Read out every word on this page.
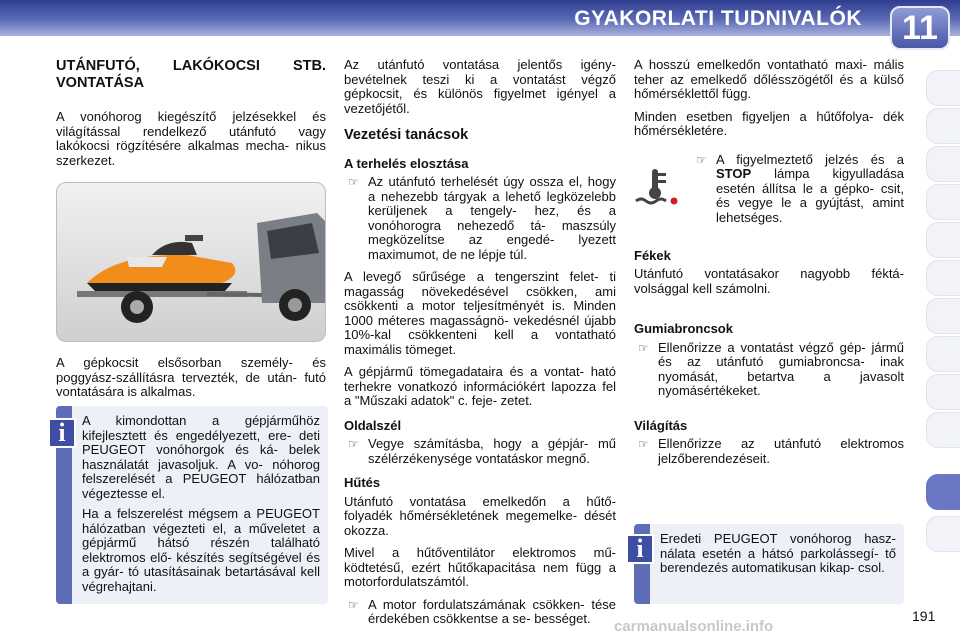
GYAKORLATI TUDNIVALÓK	11
UTÁNFUTÓ, LAKÓKOCSI STB. VONTATÁSA

A vonóhorog kiegészítő jelzésekkel és világítással rendelkező utánfutó vagy lakókocsi rögzítésére alkalmas mecha- nikus szerkezet.

A gépkocsit elsősorban személy- és poggyász-szállításra tervezték, de után- futó vontatására is alkalmas.

i	A kimondottan a gépjárműhöz kifejlesztett és engedélyezett, ere- deti PEUGEOT vonóhorgok és ká- belek használatát javasoljuk. A vo- nóhorog felszerelését a PEUGEOT hálózatban végeztesse el.

Ha a felszerelést mégsem a PEUGEOT hálózatban végezteti el, a műveletet a gépjármű hátsó részén található elektromos elő- készítés segítségével és a gyár- tó utasításainak betartásával kell végrehajtani.

Az utánfutó vontatása jelentős igény- bevételnek teszi ki a vontatást végző gépkocsit, és különös figyelmet igényel a vezetőjétől.

Vezetési tanácsok
A terhelés elosztása
☞ Az utánfutó terhelését úgy ossza el, hogy a nehezebb tárgyak a lehető legközelebb kerüljenek a tengely- hez, és a vonóhorogra nehezedő tá- maszsúly megközelítse az engedé- lyezett maximumot, de ne lépje túl.

A levegő sűrűsége a tengerszint felet- ti magasság növekedésével csökken, ami csökkenti a motor teljesítményét is. Minden 1000 méteres magasságnö- vekedésnél újabb 10%-kal csökkenteni kell a vontatható maximális tömeget.

A gépjármű tömegadataira és a vontat- ható terhekre vonatkozó információkért lapozza fel a "Műszaki adatok" c. feje- zetet.

Oldalszél
☞ Vegye számításba, hogy a gépjár- mű szélérzékenysége vontatáskor megnő.
Hűtés

Utánfutó vontatása emelkedőn a hűtő- folyadék hőmérsékletének megemelke- dését okozza.

Mivel a hűtőventilátor elektromos mű- ködtetésű, ezért hűtőkapacitása nem függ a motorfordulatszámtól.

☞ A motor fordulatszámának csökken- tése érdekében csökkentse a se- bességet.

A hosszú emelkedőn vontatható maxi- mális teher az emelkedő dőlésszögétől és a külső hőmérséklettől függ.

Minden esetben figyeljen a hűtőfolya- dék hőmérsékletére.

☞ A figyelmeztető jelzés és a STOP lámpa kigyulladása esetén állítsa le a gépko- csit, és vegye le a gyújtást, amint lehetséges.
Fékek

Utánfutó vontatásakor nagyobb féktá- volsággal kell számolni.

Gumiabroncsok
☞ Ellenőrizze a vontatást végző gép- jármű és az utánfutó gumiabroncsa- inak nyomását, betartva a javasolt nyomásértékeket.
Világítás
☞ Ellenőrizze az utánfutó elektromos jelzőberendezéseit.
i	Eredeti PEUGEOT vonóhorog hasz- nálata esetén a hátsó parkolássegí- tő berendezés automatikusan kikap- csol.

carmanualsonline.info
191
